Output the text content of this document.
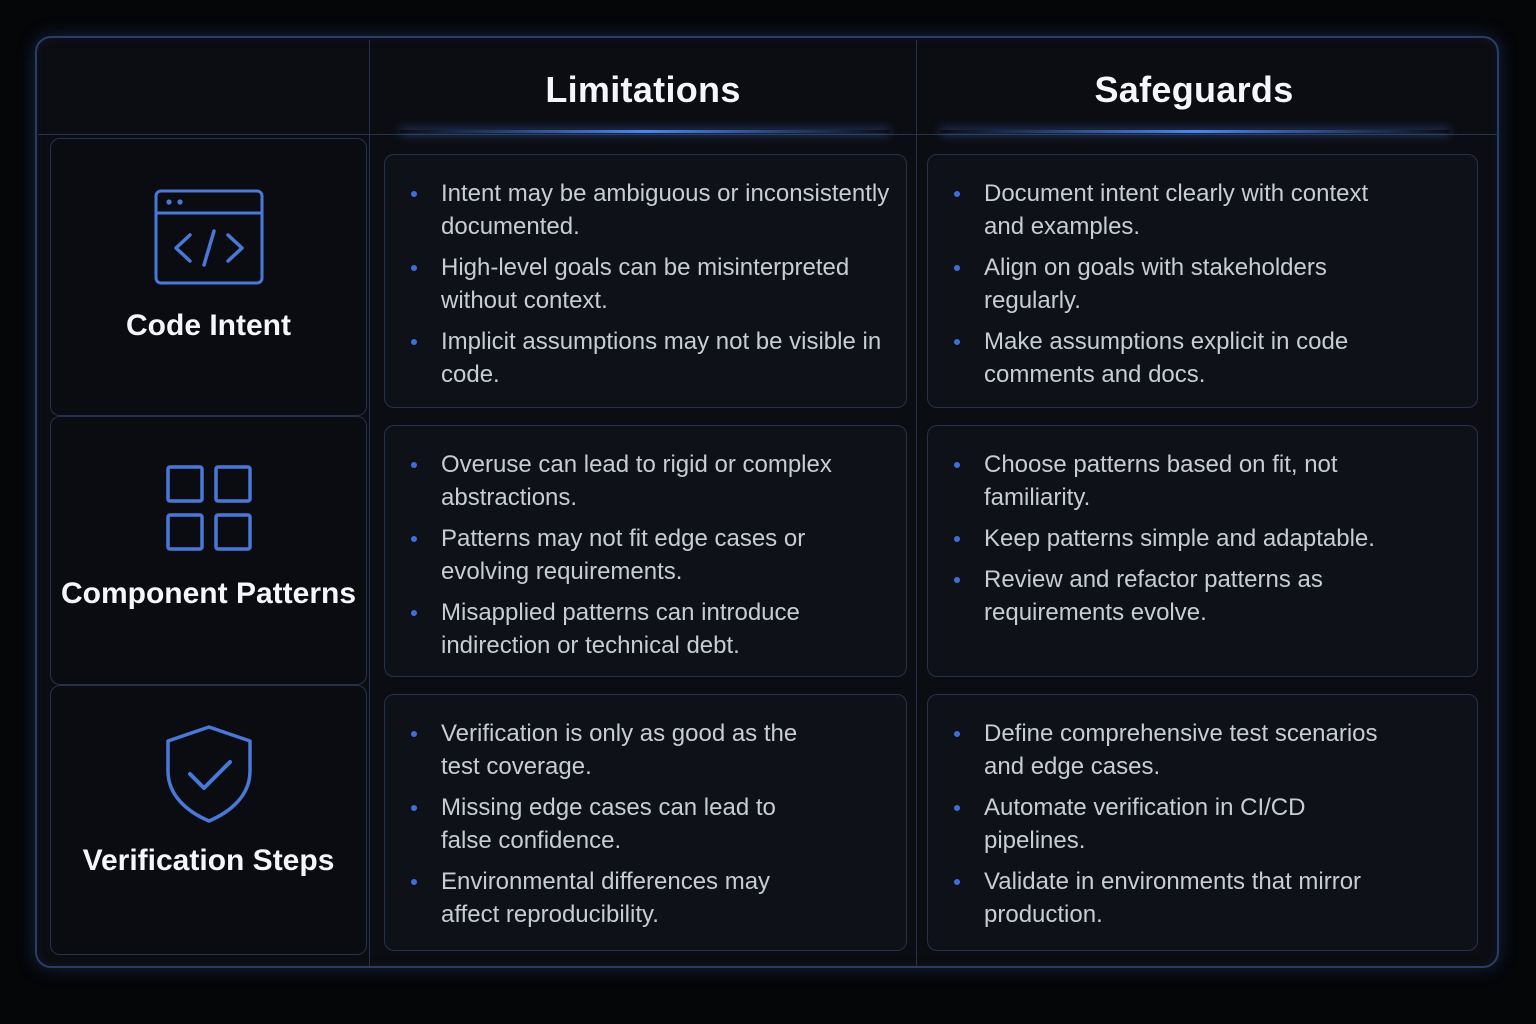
Limitations	Safeguards
Code Intent
Intent may be ambiguous or inconsistently documented.
High-level goals can be misinterpreted without context.
Implicit assumptions may not be visible in code.
Document intent clearly with context and examples.
Align on goals with stakeholders regularly.
Make assumptions explicit in code comments and docs.
Component Patterns
Overuse can lead to rigid or complex abstractions.
Patterns may not fit edge cases or evolving requirements.
Misapplied patterns can introduce indirection or technical debt.
Choose patterns based on fit, not familiarity.
Keep patterns simple and adaptable.
Review and refactor patterns as requirements evolve.
Verification Steps
Verification is only as good as the test coverage.
Missing edge cases can lead to false confidence.
Environmental differences may affect reproducibility.
Define comprehensive test scenarios and edge cases.
Automate verification in CI/CD pipelines.
Validate in environments that mirror production.
